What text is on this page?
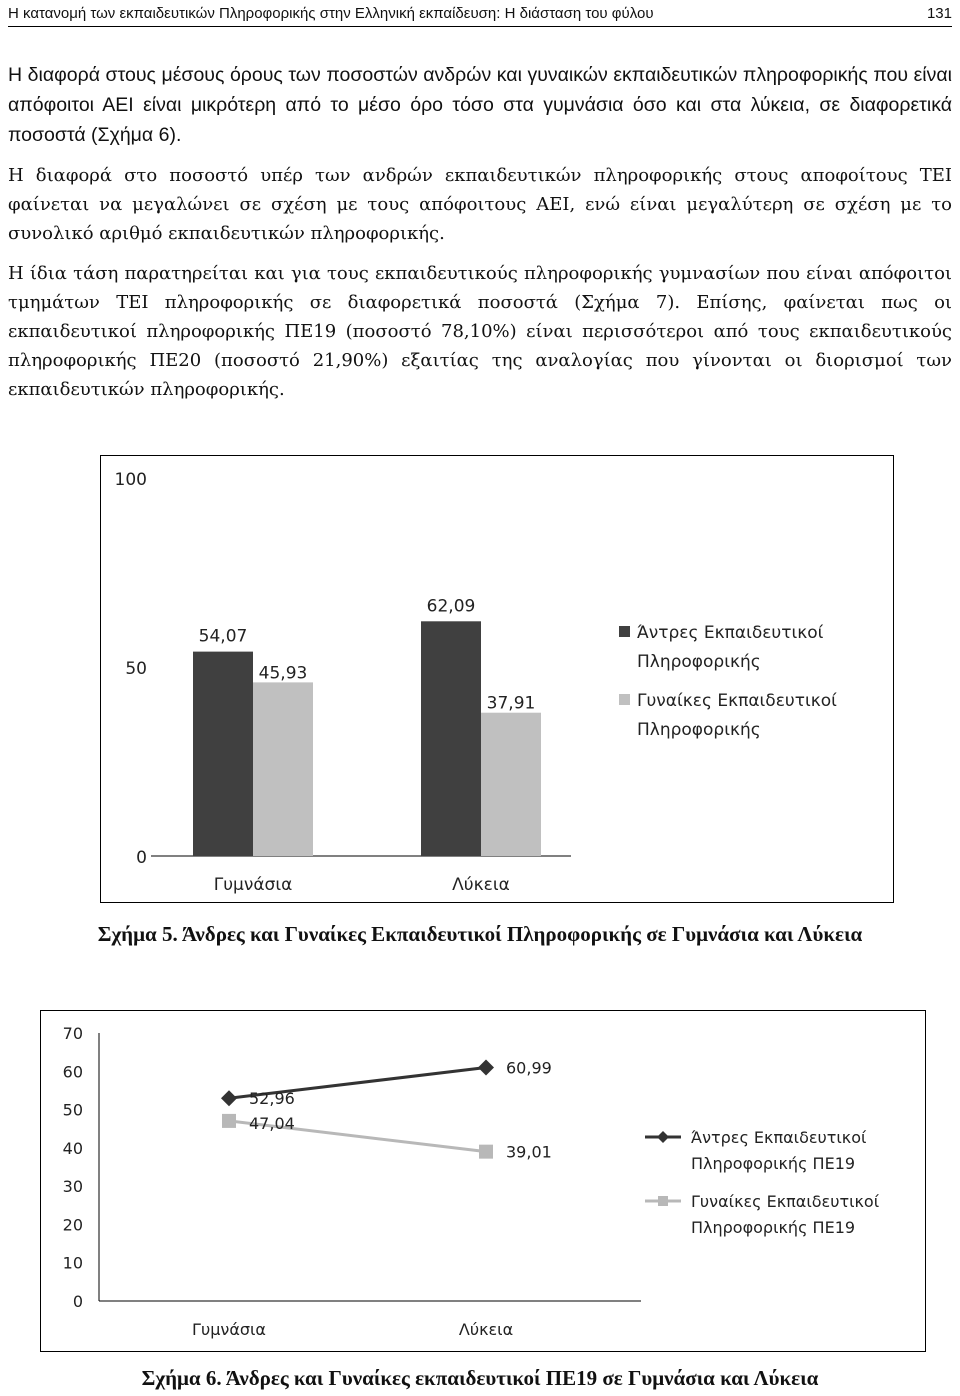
Η κατανομή των εκπαιδευτικών Πληροφορικής στην Ελληνική εκπαίδευση: Η διάσταση του φύλου	131

Η διαφορά στους μέσους όρους των ποσοστών ανδρών και γυναικών εκπαιδευτικών πληροφορικής που είναι απόφοιτοι ΑΕΙ είναι μικρότερη από το μέσο όρο τόσο στα γυμνάσια όσο και στα λύκεια, σε διαφορετικά ποσοστά (Σχήμα 6).

Η διαφορά στο ποσοστό υπέρ των ανδρών εκπαιδευτικών πληροφορικής στους αποφοίτους ΤΕΙ φαίνεται να μεγαλώνει σε σχέση με τους απόφοιτους ΑΕΙ, ενώ είναι μεγαλύτερη σε σχέση με το συνολικό αριθμό εκπαιδευτικών πληροφορικής.

Η ίδια τάση παρατηρείται και για τους εκπαιδευτικούς πληροφορικής γυμνασίων που είναι απόφοιτοι τμημάτων ΤΕΙ πληροφορικής σε διαφορετικά ποσοστά (Σχήμα 7). Επίσης, φαίνεται πως οι εκπαιδευτικοί πληροφορικής ΠΕ19 (ποσοστό 78,10%) είναι περισσότεροι από τους εκπαιδευτικούς πληροφορικής ΠΕ20 (ποσοστό 21,90%) εξαιτίας της αναλογίας που γίνονται οι διορισμοί των εκπαιδευτικών πληροφορικής.

0
50
100
Γυμνάσια
54,07
45,93
Λύκεια
62,09
37,91
Άντρες Εκπαιδευτικοί
Πληροφορικής
Γυναίκες Εκπαιδευτικοί
Πληροφορικής
Σχήμα 5. Άνδρες και Γυναίκες Εκπαιδευτικοί Πληροφορικής σε Γυμνάσια και Λύκεια
0
10
20
30
40
50
60
70
Γυμνάσια	Λύκεια
52,96
60,99
47,04
39,01
Άντρες Εκπαιδευτικοί
Πληροφορικής ΠΕ19
Γυναίκες Εκπαιδευτικοί
Πληροφορικής ΠΕ19
Σχήμα 6. Άνδρες και Γυναίκες εκπαιδευτικοί ΠΕ19 σε Γυμνάσια και Λύκεια
